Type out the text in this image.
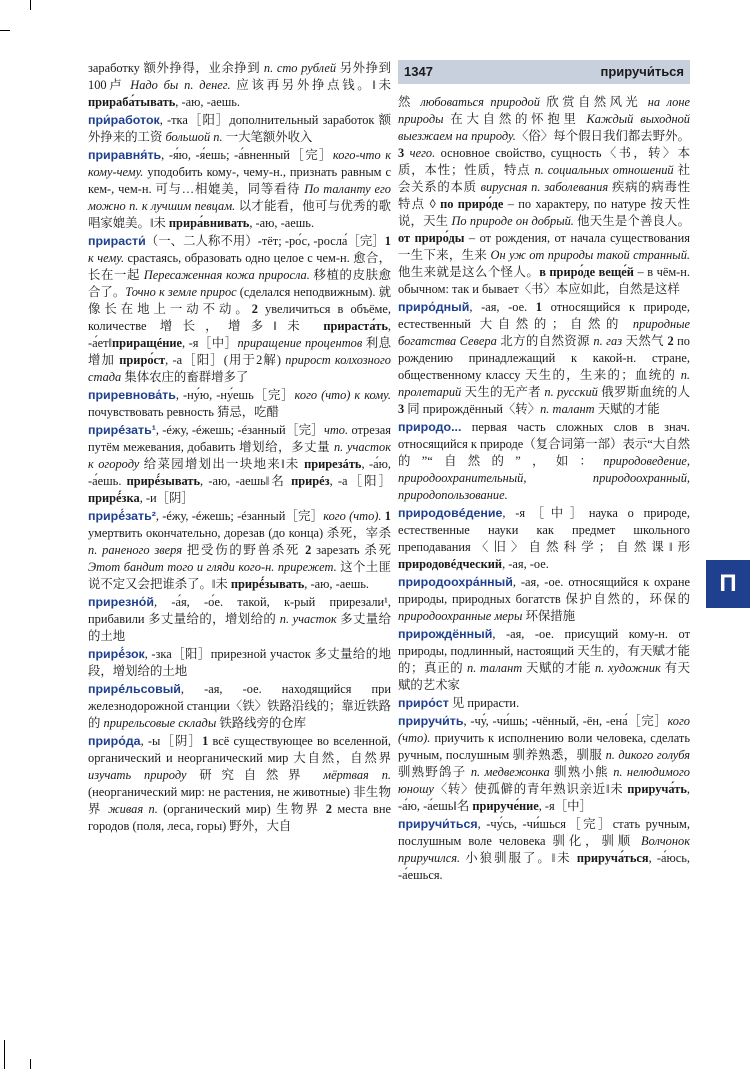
1347	приручи́ться

заработку 额外挣得，业余挣到 п. сто рублей 另外挣到100卢 Надо бы п. денег. 应该再另外挣点钱。‖未 прираба́тывать, -аю, -аешь.

при́работок, -тка［阳］дополнительный заработок 额外挣来的工资 большой п. 一大笔额外收入

приравня́ть, -я́ю, -я́ешь; -а́вненный［完］кого-что к кому-чему. уподобить кому-, чему-н., признать равным с кем-, чем-н. 可与…相媲美，同等看待 По таланту его можно п. к лучшим певцам. 以才能看，他可与优秀的歌唱家媲美。‖未 прира́внивать, -аю, -аешь.

прирасти́（一、二人称不用）-тёт; -ро́с, -росла́［完］1 к чему. срастаясь, образовать одно целое с чем-н. 愈合，长在一起 Пересаженная кожа приросла. 移植的皮肤愈合了。Точно к земле прирос (сделался неподвижным). 就像长在地上一动不动。2 увеличиться в объёме, количестве 增长，增多‖未 прираста́ть, -а́ет‖приращéние, -я［中］приращение процентов 利息增加 приро́ст, -а［阳］(用于2解) прирост колхозного стада 集体农庄的畜群增多了

приревнова́ть, -ну́ю, -ну́ешь［完］кого (что) к кому. почувствовать ревность 猜忌，吃醋

прирéзать¹, -éжу, -éжешь; -éзанный［完］что. отрезая путём межевания, добавить 增划给，多丈量 п. участок к огороду 给菜园增划出一块地来‖未 прирезáть, -а́ю, -а́ешь. прирé́зывать, -аю, -аешь‖名 приpéз, -а［阳］прирé́зка, -и［阴］

прирé́зать², -éжу, -éжешь; -éзанный［完］кого (что). 1 умертвить окончательно, дорезав (до конца) 杀死，宰杀 п. раненого зверя 把受伤的野兽杀死 2 зарезать 杀死 Этот бандит того и гляди кого-н. прирежет. 这个土匪说不定又会把谁杀了。‖未 прирé́зывать, -аю, -аешь.

прирезно́й, -а́я, -о́е. такой, к-рый прирезали¹, прибавили 多丈量给的，增划给的 п. участок 多丈量给的土地

прирé́зок, -зка［阳］прирезной участок 多丈量给的地段，增划给的土地

прирéльсовый, -ая, -ое. находящийся при железнодорожной станции〈铁〉铁路沿线的；靠近铁路的 прирельсовые склады 铁路线旁的仓库

приро́да, -ы［阴］1 всё существующее во вселенной, органический и неорганический мир 大自然，自然界 изучать природу 研究自然界 мёртвая п. (неорганический мир: не растения, не животные) 非生物界 живая п. (органический мир) 生物界 2 места вне городов (поля, леса, горы) 野外，大自

然 любоваться природой 欣赏自然风光 на лоне природы 在大自然的怀抱里 Каждый выходной выезжаем на природу.〈俗〉每个假日我们都去野外。3 чего. основное свойство, сущность〈书，转〉本质，本性；性质，特点 п. социальных отношений 社会关系的本质 вирусная п. заболевания 疾病的病毒性特点 ◊ по приро́де – по характеру, по натуре 按天性说，天生 По природе он добрый. 他天生是个善良人。от приро́ды – от рождения, от начала существования 一生下来，生来 Он уж от природы такой странный. 他生来就是这么个怪人。в приро́де веще́й – в чём-н. обычном: так и бывает〈书〉本应如此，自然是这样

приро́дный, -ая, -ое. 1 относящийся к природе, естественный 大自然的；自然的 природные богатства Севера 北方的自然资源 п. газ 天然气 2 по рождению принадлежащий к какой-н. стране, общественному классу 天生的，生来的；血统的 п. пролетарий 天生的无产者 п. русский 俄罗斯血统的人 3 同 прирождённый〈转〉п. талант 天赋的才能

природо... первая часть сложных слов в знач. относящийся к природе（复合词第一部）表示“大自然的”“自然的”，如：природоведение, природоохранительный, природоохранный, природопользование.

природовéдение, -я［中］наука о природе, естественные науки как предмет школьного преподавания〈旧〉自然科学；自然课‖形 природовéдческий, -ая, -ое.

природоохра́нный, -ая, -ое. относящийся к охране природы, природных богатств 保护自然的，环保的 природоохранные меры 环保措施

прирождённый, -ая, -ое. присущий кому-н. от природы, подлинный, настоящий 天生的，有天赋才能的；真正的 п. талант 天赋的才能 п. художник 有天赋的艺术家

приро́ст 见 прирасти.

приручи́ть, -чу́, -чи́шь; -чённый, -ён, -ена́［完］кого (что). приучить к исполнению воли человека, сделать ручным, послушным 驯养熟悉，驯服 п. дикого голубя 驯熟野鸽子 п. медвежонка 驯熟小熊 п. нелюдимого юношу〈转〉使孤僻的青年熟识亲近‖未 прируча́ть, -а́ю, -а́ешь‖名 прируче́ние, -я［中］

приручи́ться, -чу́сь, -чи́шься［完］стать ручным, послушным воле человека 驯化，驯顺 Волчонок приручился. 小狼驯服了。‖未 прируча́ться, -а́юсь, -а́ешься.

П
